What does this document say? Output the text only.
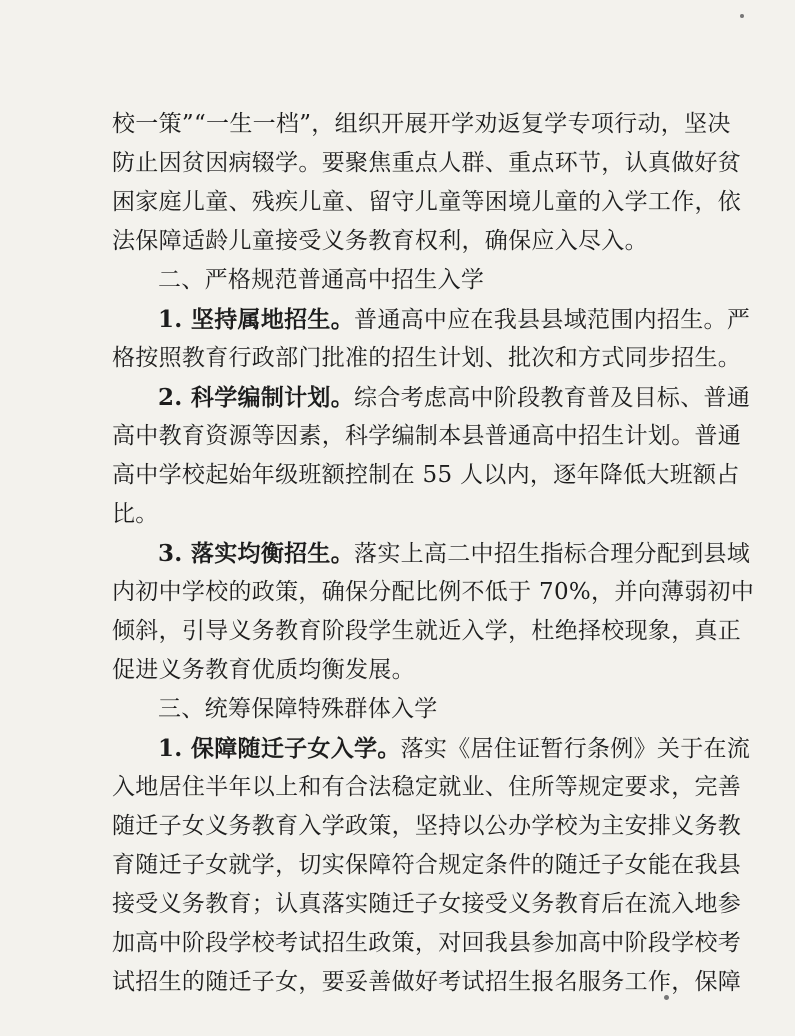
校一策”“一生一档”，组织开展开学劝返复学专项行动，坚决
防止因贫因病辍学。要聚焦重点人群、重点环节，认真做好贫
困家庭儿童、残疾儿童、留守儿童等困境儿童的入学工作，依
法保障适龄儿童接受义务教育权利，确保应入尽入。
二、严格规范普通高中招生入学
1. 坚持属地招生。普通高中应在我县县域范围内招生。严
格按照教育行政部门批准的招生计划、批次和方式同步招生。
2. 科学编制计划。综合考虑高中阶段教育普及目标、普通
高中教育资源等因素，科学编制本县普通高中招生计划。普通
高中学校起始年级班额控制在 55 人以内，逐年降低大班额占
比。
3. 落实均衡招生。落实上高二中招生指标合理分配到县域
内初中学校的政策，确保分配比例不低于 70%，并向薄弱初中
倾斜，引导义务教育阶段学生就近入学，杜绝择校现象，真正
促进义务教育优质均衡发展。
三、统筹保障特殊群体入学
1. 保障随迁子女入学。落实《居住证暂行条例》关于在流
入地居住半年以上和有合法稳定就业、住所等规定要求，完善
随迁子女义务教育入学政策，坚持以公办学校为主安排义务教
育随迁子女就学，切实保障符合规定条件的随迁子女能在我县
接受义务教育；认真落实随迁子女接受义务教育后在流入地参
加高中阶段学校考试招生政策，对回我县参加高中阶段学校考
试招生的随迁子女，要妥善做好考试招生报名服务工作，保障
